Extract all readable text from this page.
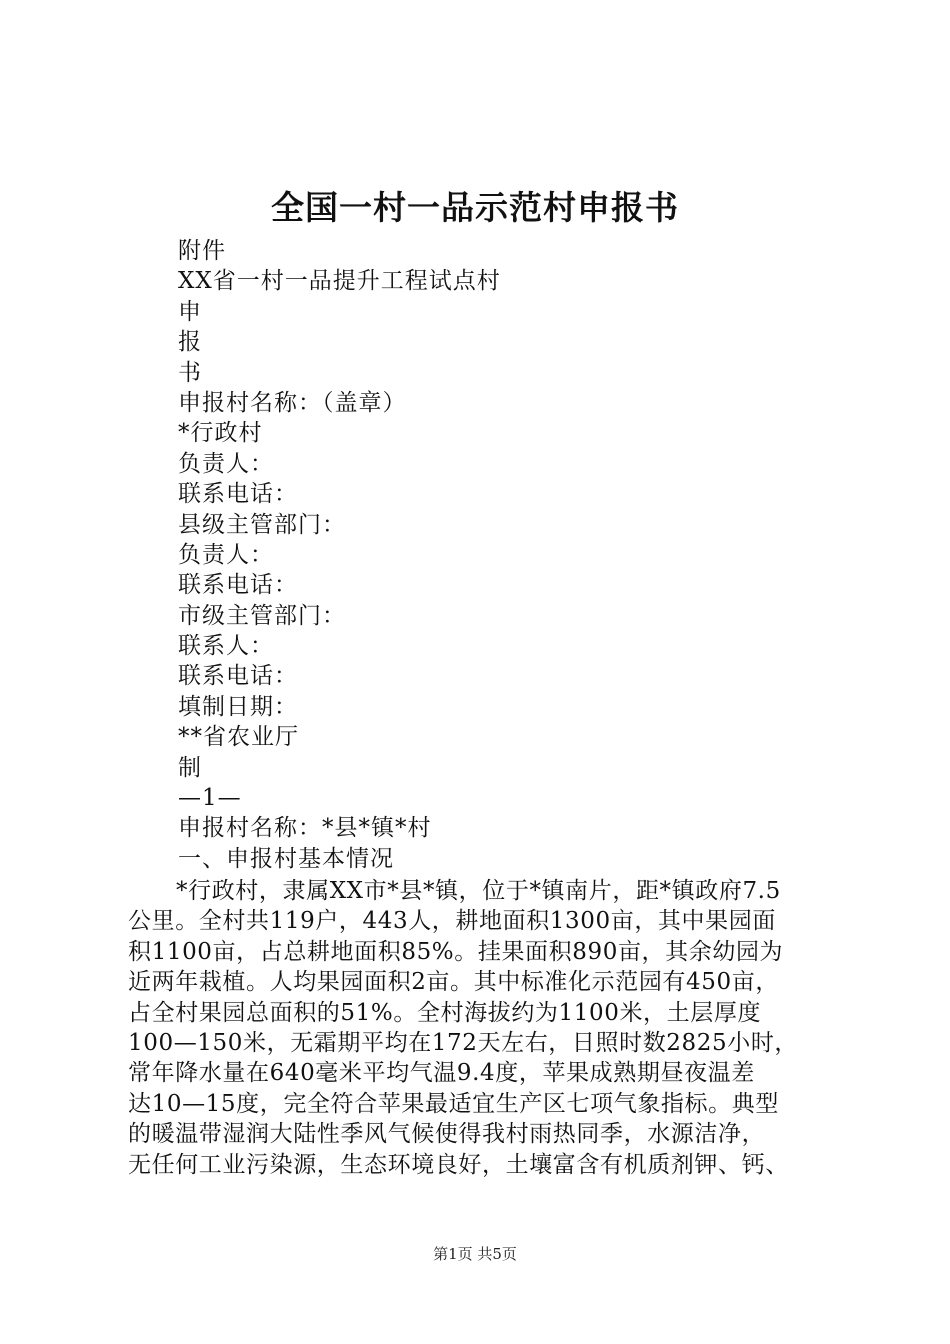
全国一村一品示范村申报书
附件
XX省一村一品提升工程试点村
申
报
书
申报村名称：（盖章）
*行政村
负责人：
联系电话：
县级主管部门：
负责人：
联系电话：
市级主管部门：
联系人：
联系电话：
填制日期：
**省农业厅
制
—1—
申报村名称：*县*镇*村
一、申报村基本情况
*行政村，隶属XX市*县*镇，位于*镇南片，距*镇政府7.5
公里。全村共119户，443人，耕地面积1300亩，其中果园面
积1100亩，占总耕地面积85%。挂果面积890亩，其余幼园为
近两年栽植。人均果园面积2亩。其中标准化示范园有450亩，
占全村果园总面积的51%。全村海拔约为1100米，土层厚度
100—150米，无霜期平均在172天左右，日照时数2825小时，
常年降水量在640毫米平均气温9.4度，苹果成熟期昼夜温差
达10—15度，完全符合苹果最适宜生产区七项气象指标。典型
的暖温带湿润大陆性季风气候使得我村雨热同季，水源洁净，
无任何工业污染源，生态环境良好，土壤富含有机质剂钾、钙、
第1页 共5页
